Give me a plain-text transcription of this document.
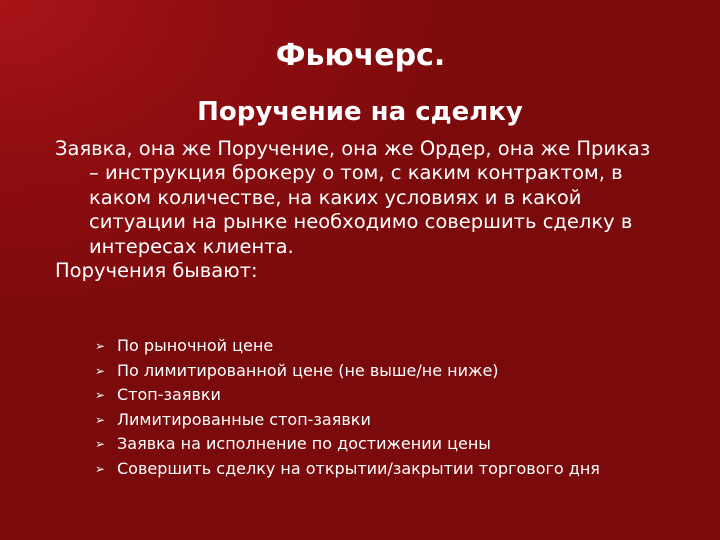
Фьючерс.
Поручение на сделку

Заявка, она же Поручение, она же Ордер, она же Приказ – инструкция брокеру о том, с каким контрактом, в каком количестве, на каких условиях и в какой ситуации на рынке необходимо совершить сделку в интересах клиента.

Поручения бывают:

➢ По рыночной цене
➢ По лимитированной цене (не выше/не ниже)
➢ Стоп-заявки
➢ Лимитированные стоп-заявки
➢ Заявка на исполнение по достижении цены
➢ Совершить сделку на открытии/закрытии торгового дня
